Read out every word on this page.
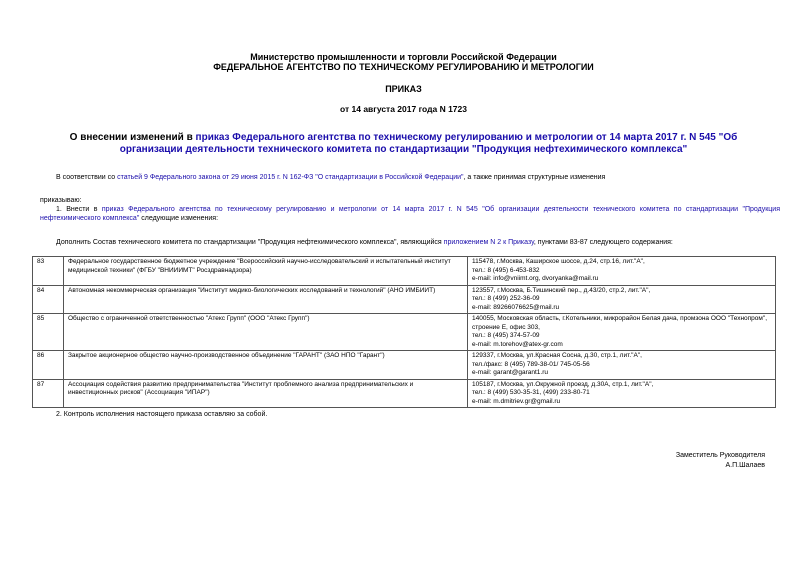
Министерство промышленности и торговли Российской Федерации
ФЕДЕРАЛЬНОЕ АГЕНТСТВО ПО ТЕХНИЧЕСКОМУ РЕГУЛИРОВАНИЮ И МЕТРОЛОГИИ
ПРИКАЗ
от 14 августа 2017 года N 1723
О внесении изменений в приказ Федерального агентства по техническому регулированию и метрологии от 14 марта 2017 г. N 545 "Об организации деятельности технического комитета по стандартизации "Продукция нефтехимического комплекса"
В соответствии со статьей 9 Федерального закона от 29 июня 2015 г. N 162-ФЗ "О стандартизации в Российской Федерации", а также принимая структурные изменения
приказываю:
1. Внести в приказ Федерального агентства по техническому регулированию и метрологии от 14 марта 2017 г. N 545 "Об организации деятельности технического комитета по стандартизации "Продукция нефтехимического комплекса" следующие изменения:
Дополнить Состав технического комитета по стандартизации "Продукция нефтехимического комплекса", являющийся приложением N 2 к Приказу, пунктами 83-87 следующего содержания:
83	Федеральное государственное бюджетное учреждение "Всероссийский научно-исследовательский и испытательный институт медицинской техники" (ФГБУ "ВНИИИМТ" Росздравнадзора)	115478, г.Москва, Каширское шоссе, д.24, стр.16, лит."А",
тел.: 8 (495) 6-453-832
e-mail: info@vniimt.org, dvoryanka@mail.ru

84	Автономная некоммерческая организация "Институт медико-биологических исследований и технологий" (АНО ИМБИИТ)	123557, г.Москва, Б.Тишинский пер., д.43/20, стр.2, лит."А",
тел.: 8 (499) 252-36-09
e-mail: 89266076625@mail.ru

85	Общество с ограниченной ответственностью "Атекс Групп" (ООО "Атекс Групп")	140055, Московская область, г.Котельники, микрорайон Белая дача, промзона ООО "Технопром",
строение Е, офис 303,
тел.: 8 (495) 374-57-09
e-mail: m.torehov@atex-gr.com

86	Закрытое акционерное общество научно-производственное объединение "ГАРАНТ" (ЗАО НПО "Гарант")	129337, г.Москва, ул.Красная Сосна, д.30, стр.1, лит."А",
тел./факс: 8 (495) 789-38-01/ 745-05-56
e-mail: garant@garant1.ru

87	Ассоциация содействия развитию предпринимательства "Институт проблемного анализа предпринимательских и инвестиционных рисков" (Ассоциация "ИПАР")	105187, г.Москва, ул.Окружной проезд, д.30А, стр.1, лит."А",
тел.: 8 (499) 530-35-31, (499) 233-80-71
e-mail: m.dmitriev.gr@gmail.ru
2. Контроль исполнения настоящего приказа оставляю за собой.
Заместитель Руководителя
А.П.Шалаев
